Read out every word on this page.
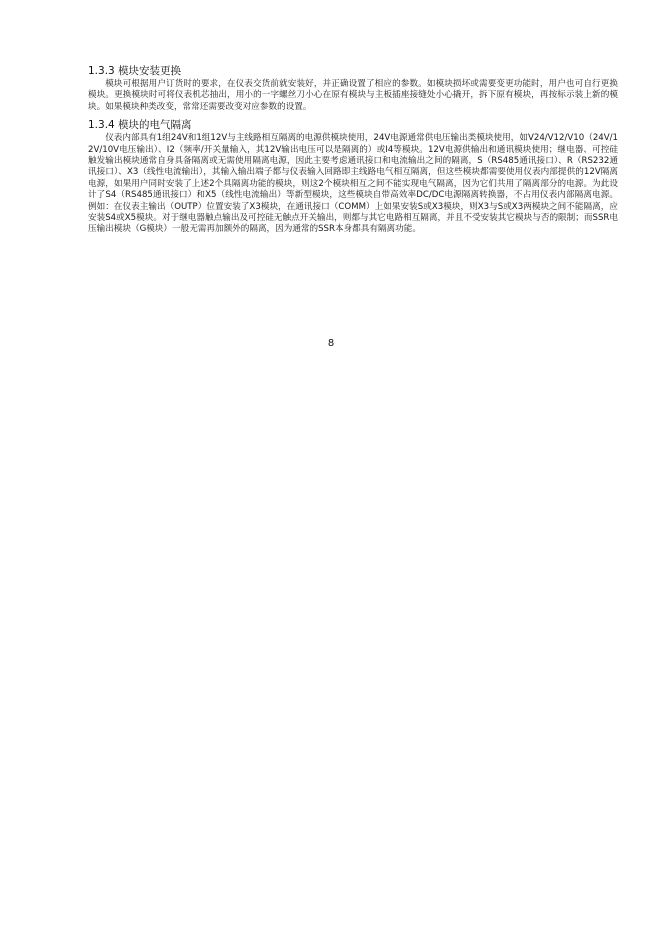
1.3.3 模块安装更换

模块可根据用户订货时的要求，在仪表交货前就安装好，并正确设置了相应的参数。如模块损坏或需要变更功能时，用户也可自行更换模块。更换模块时可将仪表机芯抽出，用小的一字螺丝刀小心在原有模块与主板插座接缝处小心撬开，拆下原有模块，再按标示装上新的模块。如果模块种类改变，常常还需要改变对应参数的设置。

1.3.4 模块的电气隔离

仪表内部具有1组24V和1组12V与主线路相互隔离的电源供模块使用，24V电源通常供电压输出类模块使用，如V24/V12/V10（24V/12V/10V电压输出）、I2（频率/开关量输入，其12V输出电压可以是隔离的）或I4等模块。12V电源供输出和通讯模块使用；继电器、可控硅触发输出模块通常自身具备隔离或无需使用隔离电源，因此主要考虑通讯接口和电流输出之间的隔离，S（RS485通讯接口）、R（RS232通讯接口）、X3（线性电流输出），其输入输出端子都与仪表输入回路即主线路电气相互隔离，但这些模块都需要使用仪表内部提供的12V隔离电源，如果用户同时安装了上述2个具隔离功能的模块，则这2个模块相互之间不能实现电气隔离，因为它们共用了隔离部分的电源。为此设计了S4（RS485通讯接口）和X5（线性电流输出）等新型模块，这些模块自带高效率DC/DC电源隔离转换器，不占用仪表内部隔离电源。例如：在仪表主输出（OUTP）位置安装了X3模块，在通讯接口（COMM）上如果安装S或X3模块，则X3与S或X3两模块之间不能隔离，应安装S4或X5模块。对于继电器触点输出及可控硅无触点开关输出，则都与其它电路相互隔离，并且不受安装其它模块与否的限制；而SSR电压输出模块（G模块）一般无需再加额外的隔离，因为通常的SSR本身都具有隔离功能。

8
